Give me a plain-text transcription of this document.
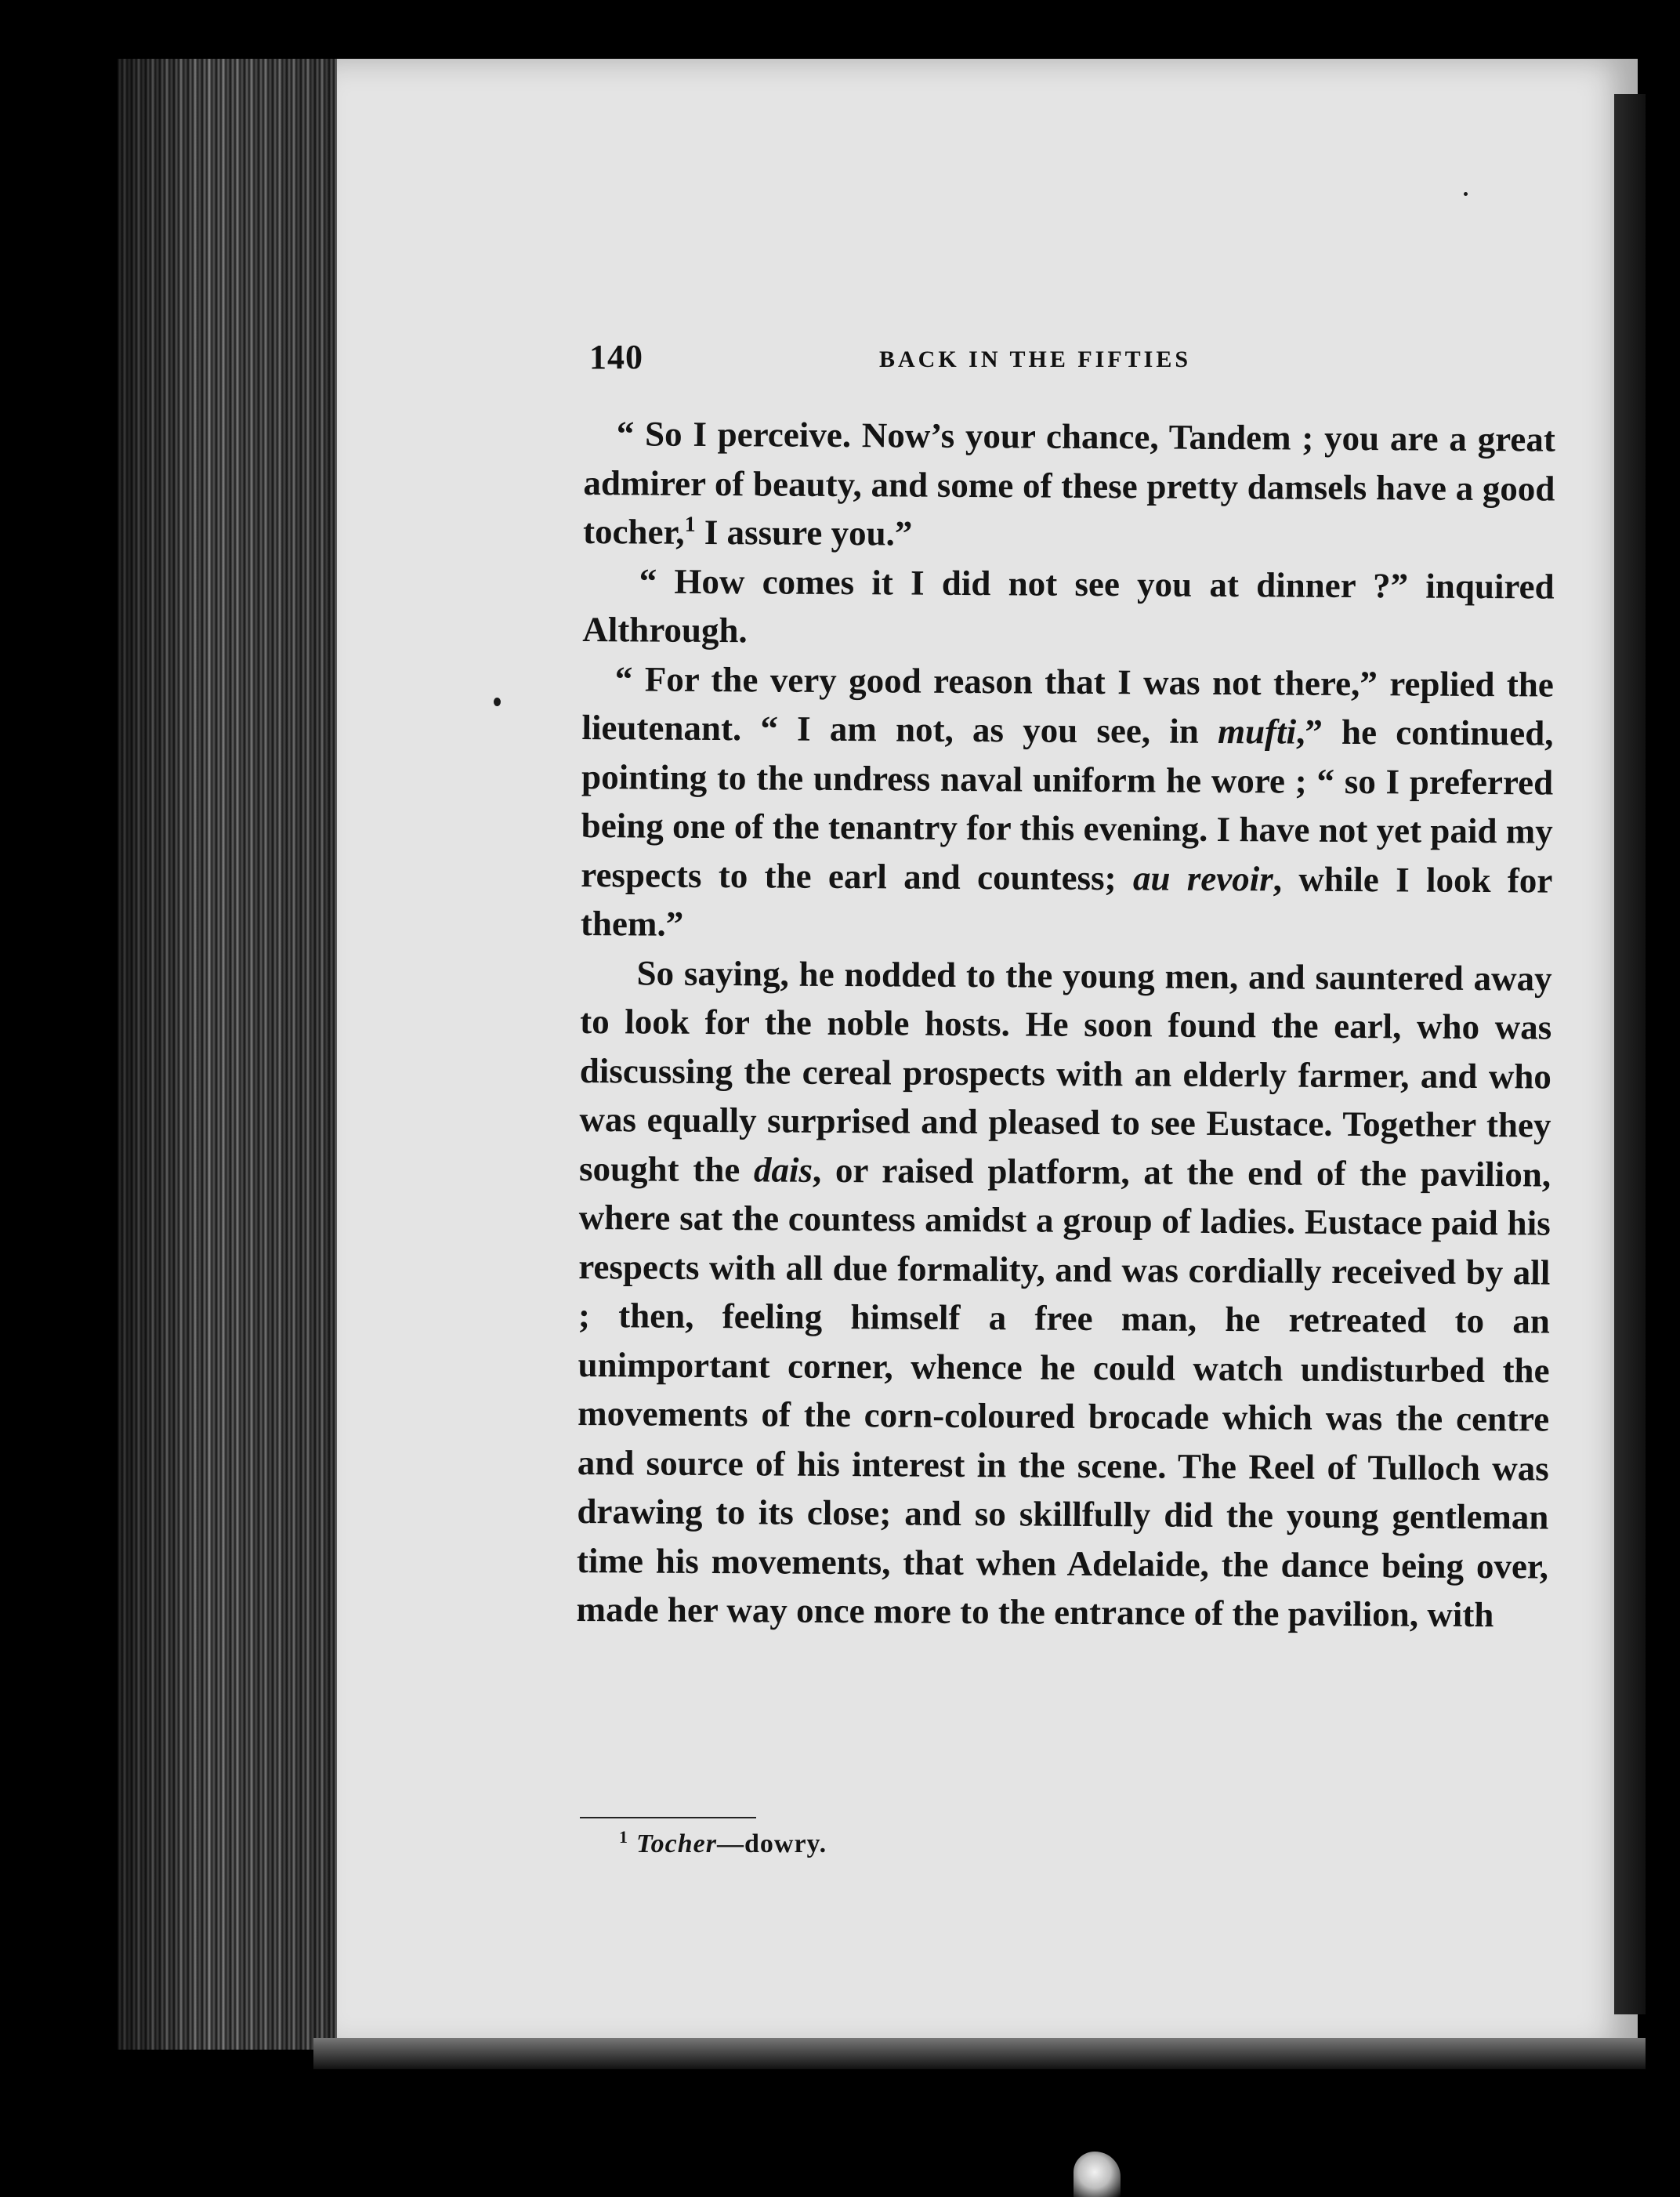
140	BACK IN THE FIFTIES

“ So I perceive. Now’s your chance, Tandem ; you are a great admirer of beauty, and some of these pretty damsels have a good tocher,$^1$ I assure you.”

“ How comes it I did not see you at dinner ?” inquired Althrough.

“ For the very good reason that I was not there,” replied the lieutenant. “ I am not, as you see, in mufti,” he continued, pointing to the undress naval uniform he wore ; “ so I preferred being one of the tenantry for this evening. I have not yet paid my respects to the earl and countess; au revoir, while I look for them.”

So saying, he nodded to the young men, and sauntered away to look for the noble hosts. He soon found the earl, who was discussing the cereal prospects with an elderly farmer, and who was equally surprised and pleased to see Eustace. Together they sought the dais, or raised platform, at the end of the pavilion, where sat the countess amidst a group of ladies. Eustace paid his respects with all due formality, and was cordially received by all ; then, feeling himself a free man, he retreated to an unimportant corner, whence he could watch undisturbed the movements of the corn-coloured brocade which was the centre and source of his interest in the scene. The Reel of Tulloch was drawing to its close; and so skillfully did the young gentleman time his movements, that when Adelaide, the dance being over, made her way once more to the entrance of the pavilion, with

$^1$ Tocher—dowry.
